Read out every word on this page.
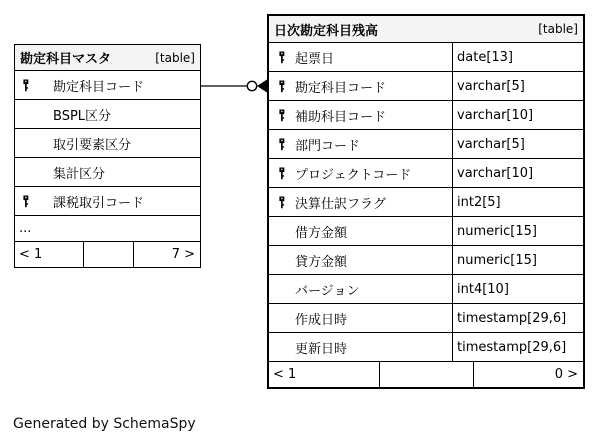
勘定科目マスタ	[table]
勘定科目コード
BSPL区分
取引要素区分
集計区分
課税取引コード
...
< 1	7 >
日次勘定科目残高	[table]
起票日	date[13]
勘定科目コード	varchar[5]
補助科目コード	varchar[10]
部門コード	varchar[5]
プロジェクトコード	varchar[10]
決算仕訳フラグ	int2[5]
借方金額	numeric[15]
貸方金額	numeric[15]
バージョン	int4[10]
作成日時	timestamp[29,6]
更新日時	timestamp[29,6]
< 1	0 >
Generated by SchemaSpy
